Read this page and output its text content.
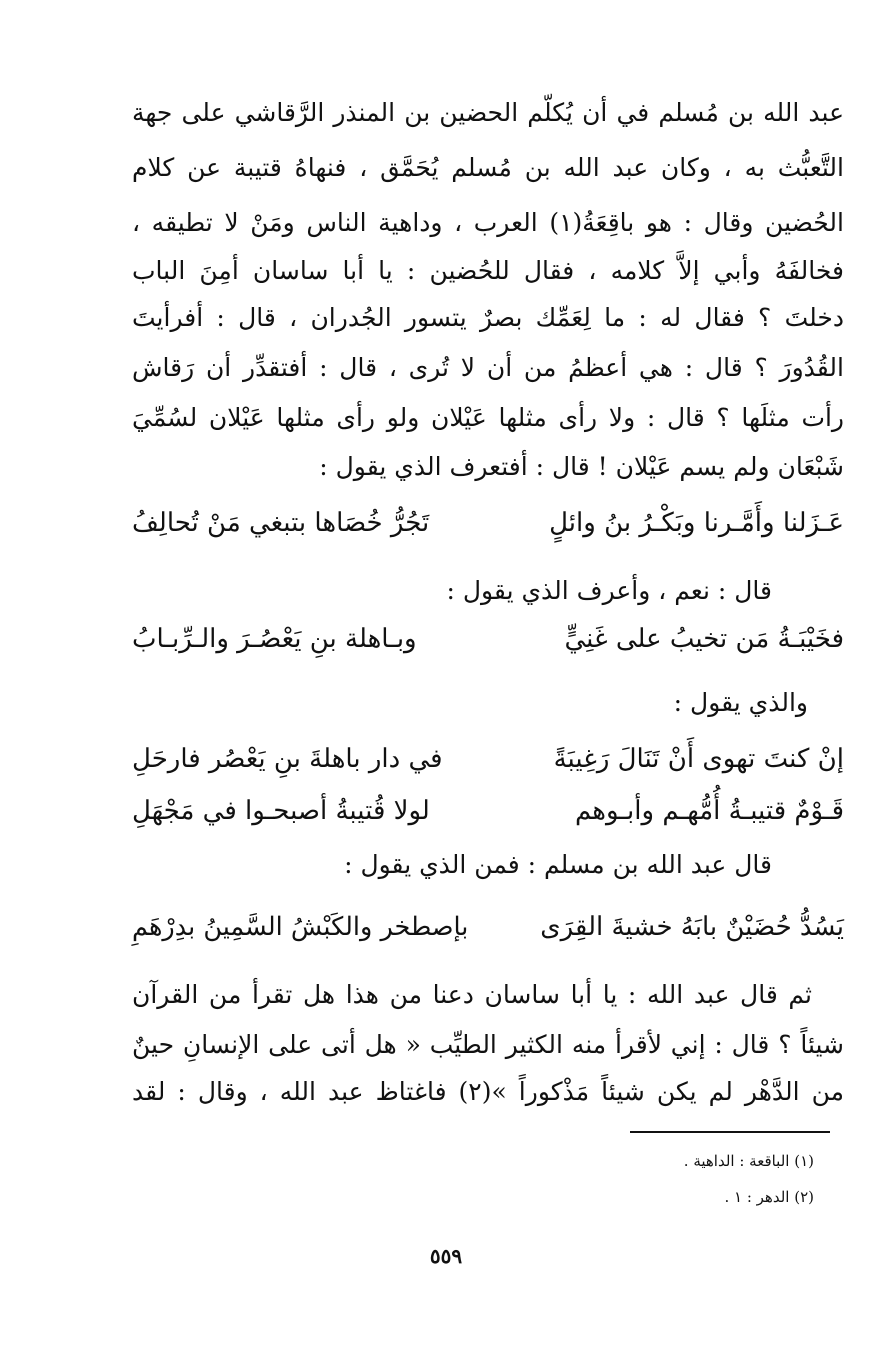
عبد الله بن مُسلم في أن يُكلّم الحضين بن المنذر الرَّقاشي على جهة
التَّعبُّث به ، وكان عبد الله بن مُسلم يُحَمَّق ، فنهاهُ قتيبة عن كلام
الحُضين وقال : هو باقِعَةُ(١) العرب ، وداهية الناس ومَنْ لا تطيقه ،
فخالفَهُ وأبي إلاَّ كلامه ، فقال للحُضين : يا أبا ساسان أمِنَ الباب
دخلتَ ؟ فقال له : ما لِعَمِّك بصرٌ يتسور الجُدران ، قال : أفرأيتَ
القُدُورَ ؟ قال : هي أعظمُ من أن لا تُرى ، قال : أفتقدِّر أن رَقاش
رأت مثلَها ؟ قال : ولا رأى مثلها عَيْلان ولو رأى مثلها عَيْلان لسُمِّيَ
شَبْعَان ولم يسم عَيْلان ! قال : أفتعرف الذي يقول :
عَـزَلنا وأَمَّـرنا وبَكْـرُ بنُ وائلٍ
تَجُرُّ خُصَاها بتبغي مَنْ تُحالِفُ
قال : نعم ، وأعرف الذي يقول :
فخَيْبَـةُ مَن تخيبُ على غَنِيٍّ
وبـاهلة بنِ يَعْصُـرَ والـرِّبـابُ
والذي يقول :
إنْ كنتَ تهوى أَنْ تَنَالَ رَغِيبَةً
في دار باهلةَ بنِ يَعْصُر فارحَلِ
قَـوْمٌ قتيبـةُ أُمُّهـم وأبـوهم
لولا قُتيبةُ أصبحـوا في مَجْهَلِ
قال عبد الله بن مسلم : فمن الذي يقول :
يَسُدُّ حُضَيْنٌ بابَهُ خشيةَ القِرَى
بإصطخر والكَبْشُ السَّمِينُ بدِرْهَمِ
ثم قال عبد الله : يا أبا ساسان دعنا من هذا هل تقرأ من القرآن
شيئاً ؟ قال : إني لأقرأ منه الكثير الطيِّب « هل أتى على الإنسانِ حينٌ
من الدَّهْر لم يكن شيئاً مَذْكوراً »(٢) فاغتاظ عبد الله ، وقال : لقد
(١) الباقعة : الداهية .
(٢) الدهر : ١ .
٥٥٩
